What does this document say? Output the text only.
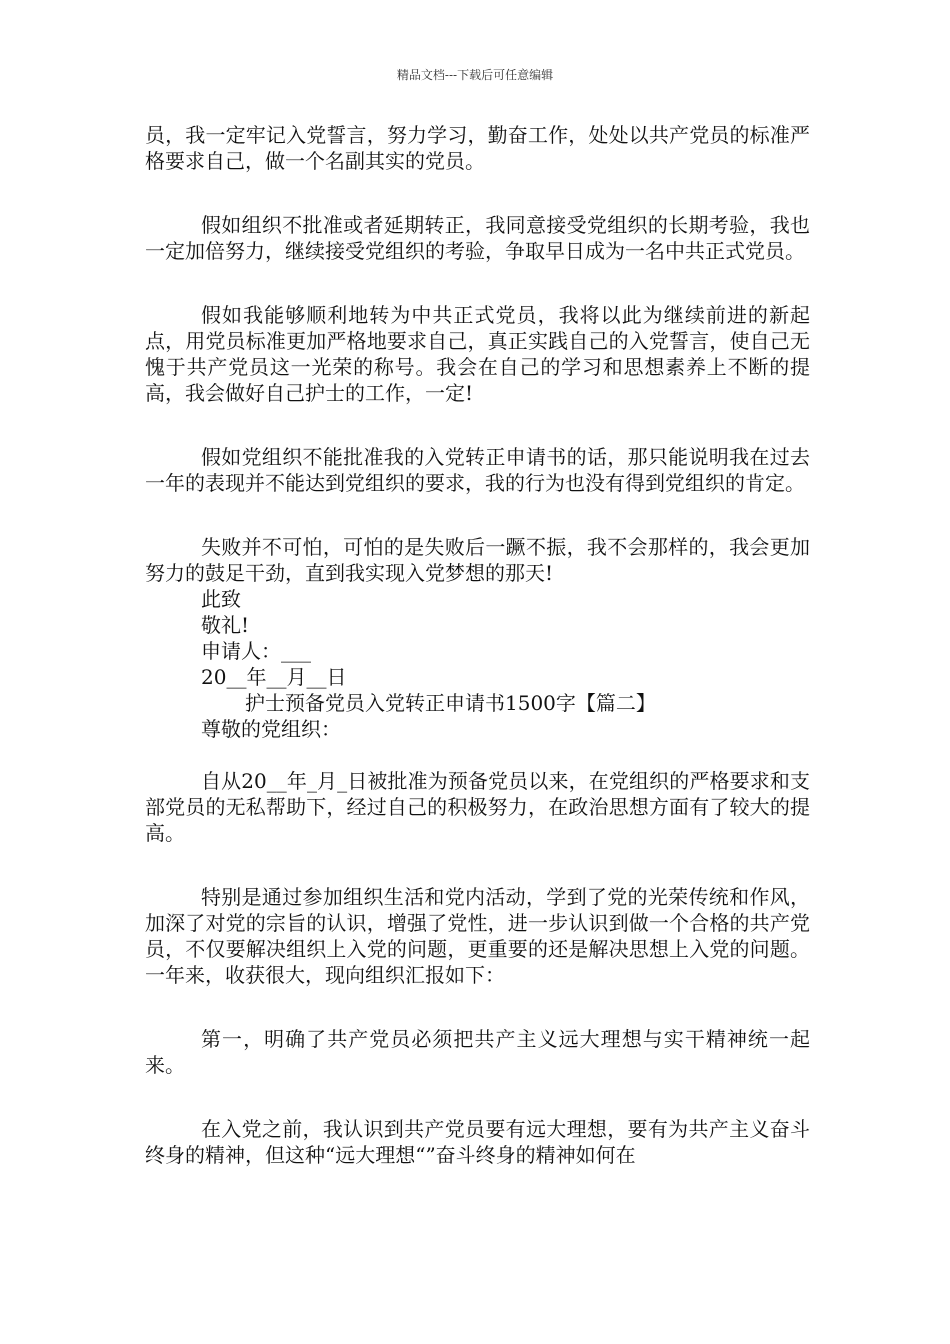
精品文档---下载后可任意编辑

员，我一定牢记入党誓言，努力学习，勤奋工作，处处以共产党员的标准严格要求自己，做一个名副其实的党员。

假如组织不批准或者延期转正，我同意接受党组织的长期考验，我也一定加倍努力，继续接受党组织的考验，争取早日成为一名中共正式党员。

假如我能够顺利地转为中共正式党员，我将以此为继续前进的新起点，用党员标准更加严格地要求自己，真正实践自己的入党誓言，使自己无愧于共产党员这一光荣的称号。我会在自己的学习和思想素养上不断的提高，我会做好自己护士的工作，一定!

假如党组织不能批准我的入党转正申请书的话，那只能说明我在过去一年的表现并不能达到党组织的要求，我的行为也没有得到党组织的肯定。

失败并不可怕，可怕的是失败后一蹶不振，我不会那样的，我会更加努力的鼓足干劲，直到我实现入党梦想的那天!

此致

敬礼!

申请人：___

20__年__月__日

护士预备党员入党转正申请书1500字【篇二】

尊敬的党组织：

自从20__年_月_日被批准为预备党员以来，在党组织的严格要求和支部党员的无私帮助下，经过自己的积极努力，在政治思想方面有了较大的提高。

特别是通过参加组织生活和党内活动，学到了党的光荣传统和作风，加深了对党的宗旨的认识，增强了党性，进一步认识到做一个合格的共产党员，不仅要解决组织上入党的问题，更重要的还是解决思想上入党的问题。一年来，收获很大，现向组织汇报如下：

第一，明确了共产党员必须把共产主义远大理想与实干精神统一起来。

在入党之前，我认识到共产党员要有远大理想，要有为共产主义奋斗终身的精神，但这种“远大理想“”奋斗终身的精神如何在
